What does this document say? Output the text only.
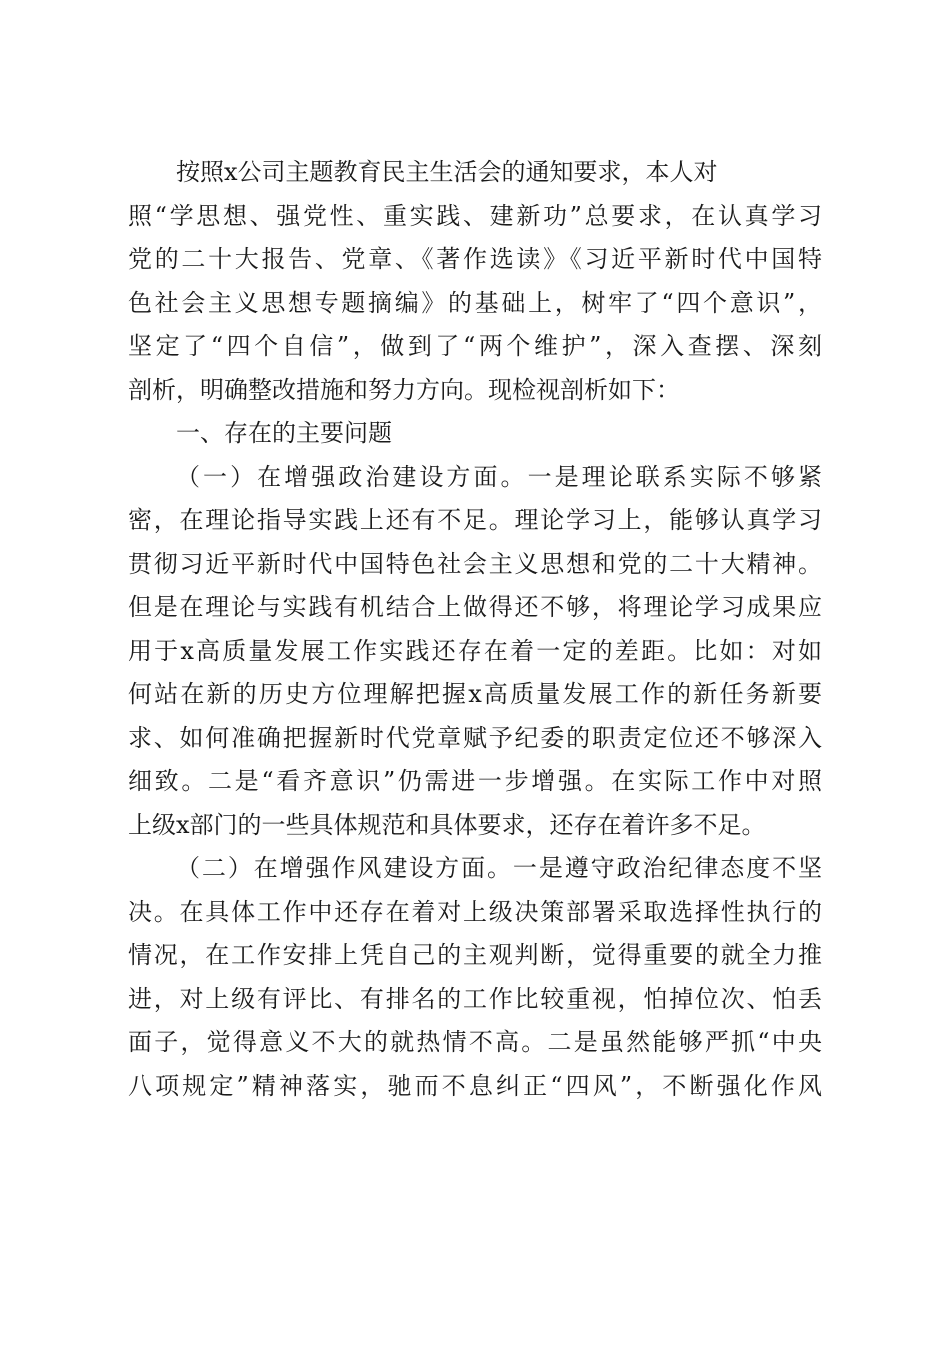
按照x公司主题教育民主生活会的通知要求，本人对
照“学思想、强党性、重实践、建新功”总要求，在认真学习
党的二十大报告、党章、《著作选读》《习近平新时代中国特
色社会主义思想专题摘编》的基础上，树牢了“四个意识”，
坚定了“四个自信”，做到了“两个维护”，深入查摆、深刻
剖析，明确整改措施和努力方向。现检视剖析如下：
一、存在的主要问题
（一）在增强政治建设方面。一是理论联系实际不够紧
密，在理论指导实践上还有不足。理论学习上，能够认真学习
贯彻习近平新时代中国特色社会主义思想和党的二十大精神。
但是在理论与实践有机结合上做得还不够，将理论学习成果应
用于x高质量发展工作实践还存在着一定的差距。比如：对如
何站在新的历史方位理解把握x高质量发展工作的新任务新要
求、如何准确把握新时代党章赋予纪委的职责定位还不够深入
细致。二是“看齐意识”仍需进一步增强。在实际工作中对照
上级x部门的一些具体规范和具体要求，还存在着许多不足。
（二）在增强作风建设方面。一是遵守政治纪律态度不坚
决。在具体工作中还存在着对上级决策部署采取选择性执行的
情况，在工作安排上凭自己的主观判断，觉得重要的就全力推
进，对上级有评比、有排名的工作比较重视，怕掉位次、怕丢
面子，觉得意义不大的就热情不高。二是虽然能够严抓“中央
八项规定”精神落实，驰而不息纠正“四风”，不断强化作风
